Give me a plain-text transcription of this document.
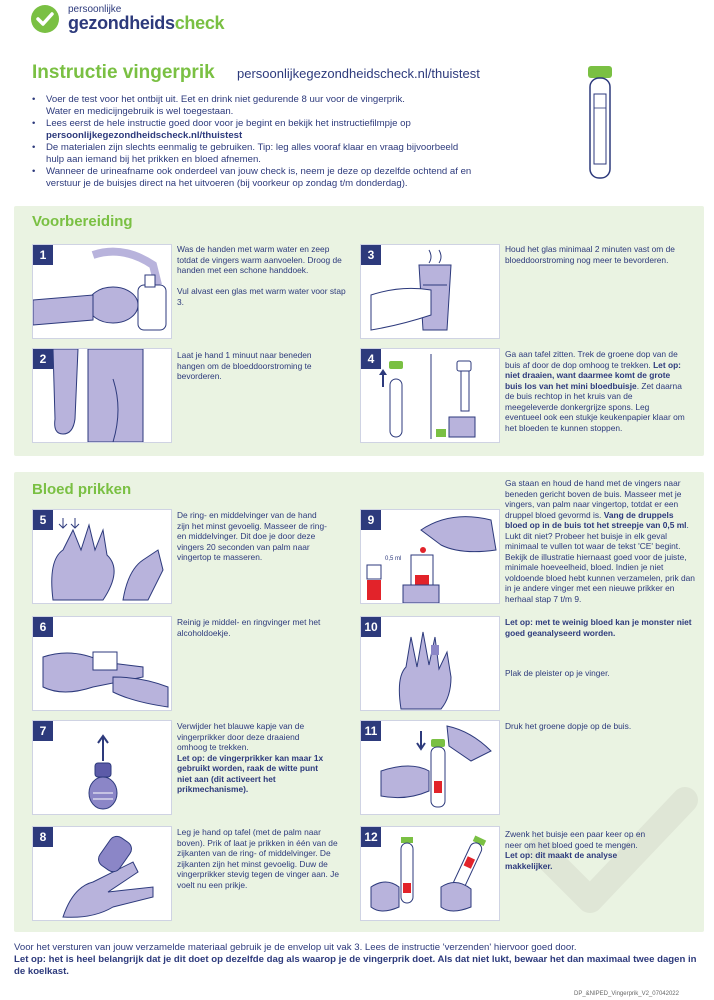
persoonlijke
gezondheidscheck
Instructie vingerprik persoonlijkegezondheidscheck.nl/thuistest
• Voer de test voor het ontbijt uit. Eet en drink niet gedurende 8 uur voor de vingerprik.
Water en medicijngebruik is wel toegestaan.
• Lees eerst de hele instructie goed door voor je begint en bekijk het instructiefilmpje op
persoonlijkegezondheidscheck.nl/thuistest
• De materialen zijn slechts eenmalig te gebruiken. Tip: leg alles vooraf klaar en vraag bijvoorbeeld
hulp aan iemand bij het prikken en bloed afnemen.
• Wanneer de urineafname ook onderdeel van jouw check is, neem je deze op dezelfde ochtend af en
verstuur je de buisjes direct na het uitvoeren (bij voorkeur op zondag t/m donderdag).
Voorbereiding
1	Was de handen met warm water en zeep totdat de vingers warm aanvoelen. Droog de handen met een schone handdoek.

Vul alvast een glas met warm water voor stap 3.
2	Laat je hand 1 minuut naar beneden hangen om de bloeddoorstroming te bevorderen.
3	Houd het glas minimaal 2 minuten vast om de bloeddoorstroming nog meer te bevorderen.
4	Ga aan tafel zitten. Trek de groene dop van de buis af door de dop omhoog te trekken. Let op: niet draaien, want daarmee komt de grote buis los van het mini bloedbuisje. Zet daarna de buis rechtop in het kruis van de meegeleverde donkergrijze spons. Leg eventueel ook een stukje keukenpapier klaar om het bloeden te kunnen stoppen.
Bloed prikken
5	De ring- en middelvinger van de hand zijn het minst gevoelig. Masseer de ring- en middelvinger. Dit doe je door deze vingers 20 seconden van palm naar vingertop te masseren.
6	Reinig je middel- en ringvinger met het alcoholdoekje.
7	Verwijder het blauwe kapje van de vingerprikker door deze draaiend omhoog te trekken.
Let op: de vingerprikker kan maar 1x gebruikt worden, raak de witte punt niet aan (dit activeert het prikmechanisme).
8	Leg je hand op tafel (met de palm naar boven). Prik of laat je prikken in één van de zijkanten van de ring- of middelvinger. De zijkanten zijn het minst gevoelig. Duw de vingerprikker stevig tegen de vinger aan. Je voelt nu een prikje.
9
0,5 ml
Ga staan en houd de hand met de vingers naar beneden gericht boven de buis. Masseer met je vingers, van palm naar vingertop, totdat er een druppel bloed gevormd is. Vang de druppels bloed op in de buis tot het streepje van 0,5 ml. Lukt dit niet? Probeer het buisje in elk geval minimaal te vullen tot waar de tekst 'CE' begint. Bekijk de illustratie hiernaast goed voor de juiste, minimale hoeveelheid, bloed. Indien je niet voldoende bloed hebt kunnen verzamelen, prik dan in je andere vinger met een nieuwe prikker en herhaal stap 7 t/m 9.
10	Let op: met te weinig bloed kan je monster niet goed geanalyseerd worden.
Plak de pleister op je vinger.
11	Druk het groene dopje op de buis.
12	Zwenk het buisje een paar keer op en neer om het bloed goed te mengen.
Let op: dit maakt de analyse makkelijker.
Voor het versturen van jouw verzamelde materiaal gebruik je de envelop uit vak 3. Lees de instructie 'verzenden' hiervoor goed door.
Let op: het is heel belangrijk dat je dit doet op dezelfde dag als waarop je de vingerprik doet. Als dat niet lukt, bewaar het dan maximaal twee dagen in de koelkast.
DP_&NIPED_Vingerprik_V2_07042022
